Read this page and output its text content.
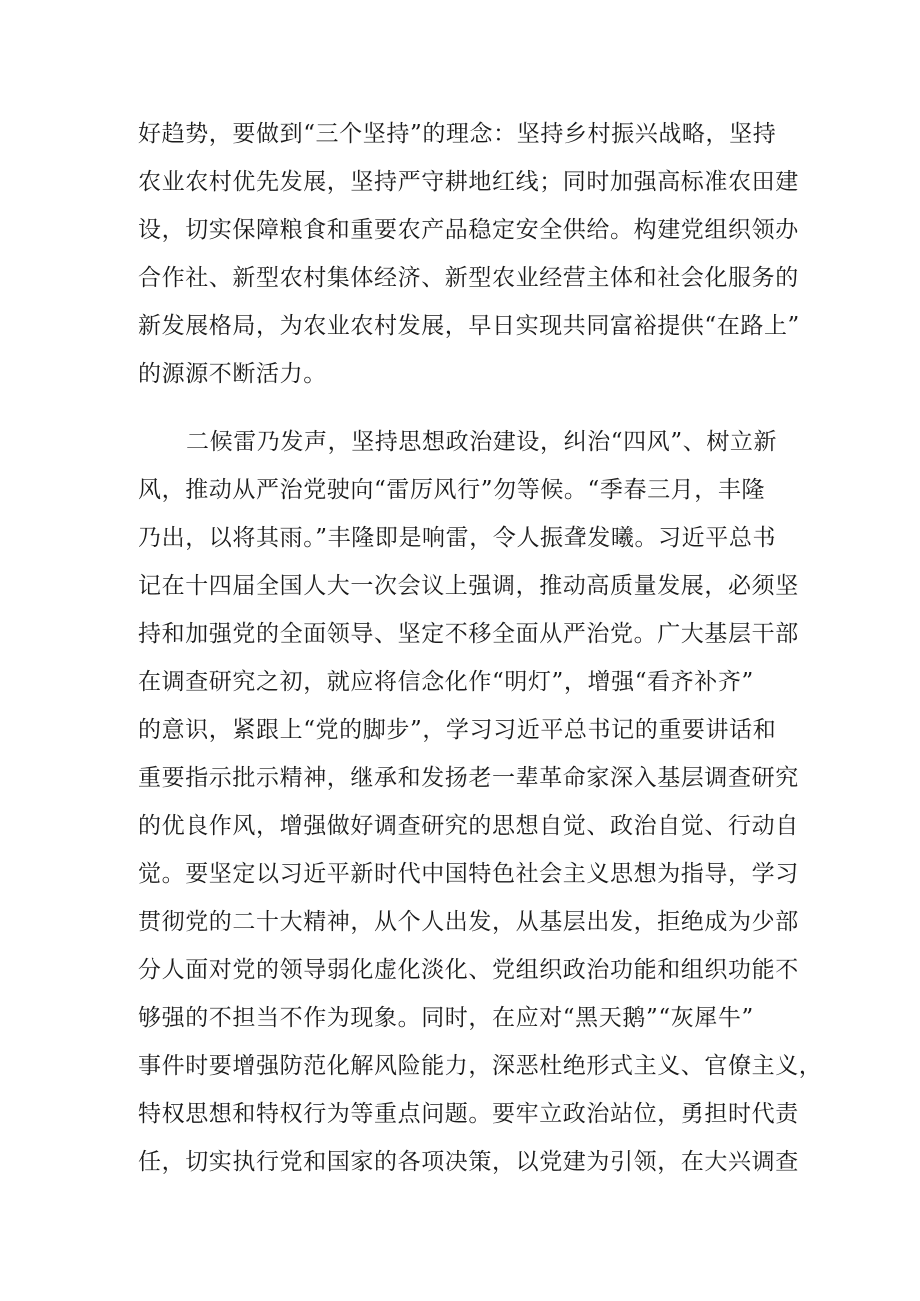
好趋势，要做到“三个坚持”的理念：坚持乡村振兴战略，坚持
农业农村优先发展，坚持严守耕地红线；同时加强高标准农田建
设，切实保障粮食和重要农产品稳定安全供给。构建党组织领办
合作社、新型农村集体经济、新型农业经营主体和社会化服务的
新发展格局，为农业农村发展，早日实现共同富裕提供“在路上”
的源源不断活力。
二候雷乃发声，坚持思想政治建设，纠治“四风”、树立新
风，推动从严治党驶向“雷厉风行”勿等候。“季春三月，丰隆
乃出，以将其雨。”丰隆即是响雷，令人振聋发曦。习近平总书
记在十四届全国人大一次会议上强调，推动高质量发展，必须坚
持和加强党的全面领导、坚定不移全面从严治党。广大基层干部
在调查研究之初，就应将信念化作“明灯”，增强“看齐补齐”
的意识，紧跟上“党的脚步”，学习习近平总书记的重要讲话和
重要指示批示精神，继承和发扬老一辈革命家深入基层调查研究
的优良作风，增强做好调查研究的思想自觉、政治自觉、行动自
觉。要坚定以习近平新时代中国特色社会主义思想为指导，学习
贯彻党的二十大精神，从个人出发，从基层出发，拒绝成为少部
分人面对党的领导弱化虚化淡化、党组织政治功能和组织功能不
够强的不担当不作为现象。同时，在应对“黑天鹅”“灰犀牛”
事件时要增强防范化解风险能力，深恶杜绝形式主义、官僚主义，
特权思想和特权行为等重点问题。要牢立政治站位，勇担时代责
任，切实执行党和国家的各项决策，以党建为引领，在大兴调查
